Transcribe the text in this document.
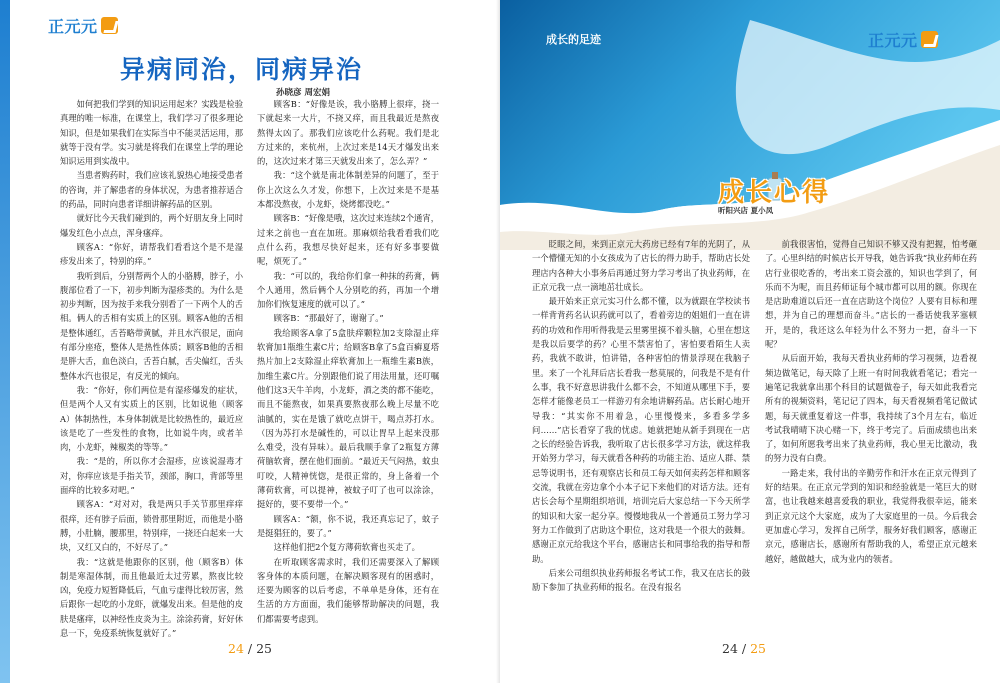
正元元
异病同治，同病异治
孙晓彦 周宏娟

如何把我们学到的知识运用起来？实践是检验真理的唯一标准，在课堂上，我们学习了很多理论知识，但是如果我们在实际当中不能灵活运用，那就等于没有学。实习就是将我们在课堂上学的理论知识运用到实战中。

当患者购药时，我们应该礼貌热心地接受患者的咨询，并了解患者的身体状况，为患者推荐适合的药品，同时向患者详细讲解药品的区别。

就好比今天我们碰到的，两个好朋友身上同时爆发红色小点点，浑身瘙痒。

顾客A：“你好，请帮我们看看这个是不是湿疹发出来了，特别的痒。”

我听到后，分别帮两个人的小胳膊，脖子，小腹部位看了一下，初步判断为湿疹类的。为什么是初步判断，因为按手来我分别看了一下两个人的舌相。俩人的舌相有实质上的区别。顾客A他的舌相是整体通红，舌苔略带黄腻，并且水汽很足，面向有部分座疮，整体人是热性体质；顾客B他的舌相是胖大舌，血色淡白，舌苔白腻，舌尖偏红，舌头整体水汽也很足，有反光的倾向。

我：“你好，你们两位是有湿疹爆发的症状，但是两个人又有实质上的区别，比如说他（顾客A）体制热性，本身体制就是比较热性的，最近应该是吃了一些发性的食物，比如说牛肉，或者羊肉，小龙虾，辣椒类的等等。”

我：“是的，所以你才会湿疹，应该说湿毒才对，你痒应该是手指关节，颈部，胸口，背部等里面痒的比较多对吧。”

顾客A：“对对对，我是两只手关节那里痒痒很痒，还有脖子后面，锁骨那里附近，而他是小胳膊，小肚腩，腰那里，特别痒，一挠还白起来一大块，又红又白的，不好尽了。”

我：“这就是他跟你的区别，他（顾客B）体制是寒湿体制，而且他最近太过劳累，熬夜比较凶，免疫力短暂降低后，气血亏虚得比较厉害，然后跟你一起吃的小龙虾，就爆发出来。但是他的皮肤是瘙痒，以神经性皮炎为主。涂涂药膏，好好休息一下，免疫系统恢复就好了。”

顾客B：“好像是诶，我小胳膊上很痒，挠一下就起来一大片，不挠又痒，而且我最近是熬夜熬得太凶了。那我们应该吃什么药呢。我们是北方过来的，来杭州，上次过来是14天才爆发出来的，这次过来才第三天就发出来了，怎么弄？”

我：“这个就是南北体制差异的问题了，至于你上次这么久才发，你想下，上次过来是不是基本都没熬夜，小龙虾，烧烤都没吃。”

顾客B：“好像是哦，这次过来连续2个通宵，过来之前也一直在加班。那麻烦给我看看我们吃点什么药，我想尽快好起来，还有好多事要做呢，烦死了。”

我：“可以的，我给你们拿一种抹的药膏，俩个人通用，然后俩个人分别吃的药，再加一个增加你们恢复速度的就可以了。”

顾客B：“那最好了，谢谢了。”

我给顾客A拿了5盒肤痒颗粒加2支除湿止痒软膏加1瓶维生素C片；给顾客B拿了5盒百癣夏塔热片加上2支除湿止痒软膏加上一瓶维生素B族，加维生素C片。分别跟他们说了用法用量，还叮嘱他们这3天牛羊肉，小龙虾，酒之类的都不能吃，而且不能熬夜，如果真要熬夜那么晚上尽量不吃油腻的，实在是饿了就吃点饼干，喝点苏打水。（因为苏打水是碱性的，可以让胃早上起来没那么难受，没有异味）。最后我顺手拿了2瓶复方薄荷脑软膏，摆在他们面前。“最近天气闷热，蚊虫叮咬，人精神恍惚，是很正常的，身上备着一个薄荷软膏，可以提神，被蚊子叮了也可以涂涂，挺好的，要不要带一个。”

顾客A：“额，你不说，我还真忘记了，蚊子是挺猖狂的，要了。”

这样他们把2个复方薄荷软膏也买走了。

在听取顾客需求时，我们还需要深入了解顾客身体的本质问题，在解决顾客现有的困惑时，还要为顾客的以后考虑，不单单是身体，还有在生活的方方面面，我们能够帮助解决的问题，我们都需要考虑到。

24 / 25
成长的足迹	正元元
成长心得
听阳兴店 夏小凤

眨眼之间，来到正京元大药房已经有7年的光阴了，从一个懵懂无知的小女孩成为了店长的得力助手，帮助店长处理店内各种大小事务后再通过努力学习考出了执业药师，在正京元我一点一滴地茁壮成长。

最开始来正京元实习什么都不懂，以为就跟在学校读书一样背背药名认识药就可以了，看着旁边的姐姐们一直在讲药的功效和作用听得我是云里雾里摸不着头脑，心里在想这是我以后要学的药？心里不禁害怕了，害怕要看陌生人卖药，我就不敢讲，怕讲错，各种害怕的情景浮现在我脑子里。来了一个礼拜后店长看我一愁莫展的，问我是不是有什么事，我不好意思讲我什么都不会，不知道从哪里下手，要怎样才能像老员工一样游刃有余地讲解药品。店长耐心地开导我：“其实你不用着急，心里慢慢来，多看多学多问……”店长看穿了我的忧虑。她就把她从新手到现在一店之长的经验告诉我，我听取了店长很多学习方法，就这样我开始努力学习，每天就看各种药的功能主治、适应人群、禁忌等说明书，还有观察店长和员工每天如何卖药怎样和顾客交流，我就在旁边拿个小本子记下来他们的对话方法。还有店长会每个星期组织培训，培训完后大家总结一下今天所学的知识和大家一起分享。慢慢地我从一个普通员工努力学习努力工作做到了店助这个职位，这对我是一个很大的鼓舞。感谢正京元给我这个平台，感谢店长和同事给我的指导和帮助。

后来公司组织执业药师报名考试工作，我又在店长的鼓励下参加了执业药师的报名。在没有报名

前我很害怕，觉得自己知识不够又没有把握，怕考砸了。心里纠结的时候店长开导我，她告诉我“执业药师在药店行业很吃香的，考出来工资会涨的，知识也学到了，何乐而不为呢，而且药师证每个城市都可以用的额。你现在是店助难道以后还一直在店助这个岗位？人要有目标和理想，并为自己的理想而奋斗。”店长的一番话使我茅塞顿开，是的，我还这么年轻为什么不努力一把，奋斗一下呢？

从后面开始，我每天看执业药师的学习视频，边看视频边做笔记，每天除了上班一有时间我就看笔记；看完一遍笔记我就拿出那个科目的试题做卷子，每天如此我看完所有的视频资料，笔记记了四本，每天看视频看笔记做试题，每天就重复着这一件事，我持续了3个月左右，临近考试我晴晴下决心赌一下，终于考完了。后面成绩也出来了，如何所愿我考出来了执业药师，我心里无比激动，我的努力没有白费。

一路走来，我付出的辛勤劳作和汗水在正京元得到了好的结果。在正京元学到的知识和经验就是一笔巨大的财富，也让我越来越喜爱我的职业，我觉得我很幸运，能来到正京元这个大家庭，成为了大家庭里的一员。今后我会更加虚心学习，发挥自己所学，服务好我们顾客，感谢正京元，感谢店长，感谢所有帮助我的人，希望正京元越来越好，越做越大，成为业内的领者。

24 / 25
